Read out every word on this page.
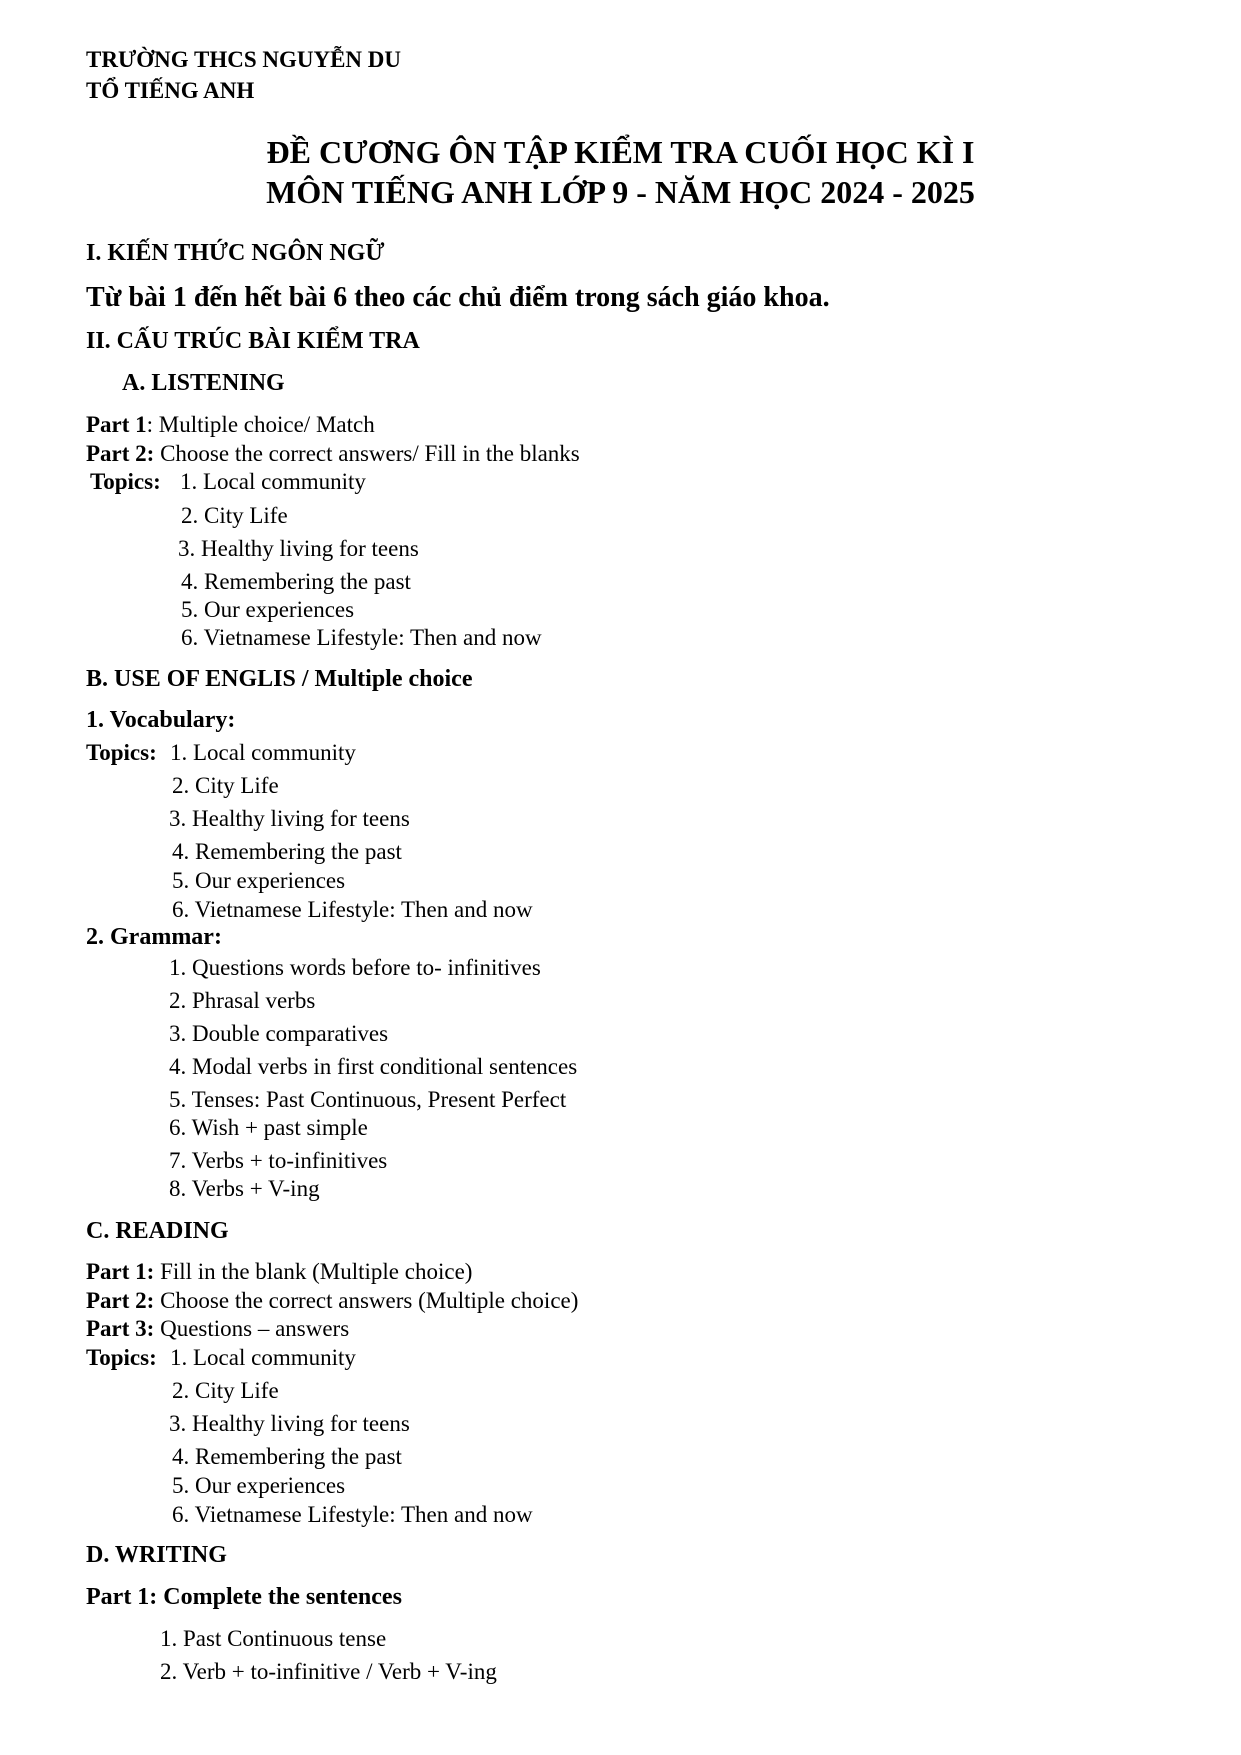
TRƯỜNG THCS NGUYỄN DU
TỔ TIẾNG ANH
ĐỀ CƯƠNG ÔN TẬP KIỂM TRA CUỐI HỌC KÌ I
MÔN TIẾNG ANH LỚP 9 - NĂM HỌC 2024 - 2025
I. KIẾN THỨC NGÔN NGỮ
Từ bài 1 đến hết bài 6 theo các chủ điểm trong sách giáo khoa.
II. CẤU TRÚC BÀI KIỂM TRA
A. LISTENING
Part 1: Multiple choice/ Match
Part 2: Choose the correct answers/ Fill in the blanks
Topics: 1. Local community
2. City Life
3. Healthy living for teens
4. Remembering the past
5. Our experiences
6. Vietnamese Lifestyle: Then and now
B. USE OF ENGLIS / Multiple choice
1. Vocabulary:
Topics: 1. Local community
2. City Life
3. Healthy living for teens
4. Remembering the past
5. Our experiences
6. Vietnamese Lifestyle: Then and now
2. Grammar:
1. Questions words before to- infinitives
2. Phrasal verbs
3. Double comparatives
4. Modal verbs in first conditional sentences
5. Tenses: Past Continuous, Present Perfect
6. Wish + past simple
7. Verbs + to-infinitives
8. Verbs + V-ing
C. READING
Part 1: Fill in the blank (Multiple choice)
Part 2: Choose the correct answers (Multiple choice)
Part 3: Questions – answers
Topics: 1. Local community
2. City Life
3. Healthy living for teens
4. Remembering the past
5. Our experiences
6. Vietnamese Lifestyle: Then and now
D. WRITING
Part 1: Complete the sentences
1. Past Continuous tense
2. Verb + to-infinitive / Verb + V-ing
